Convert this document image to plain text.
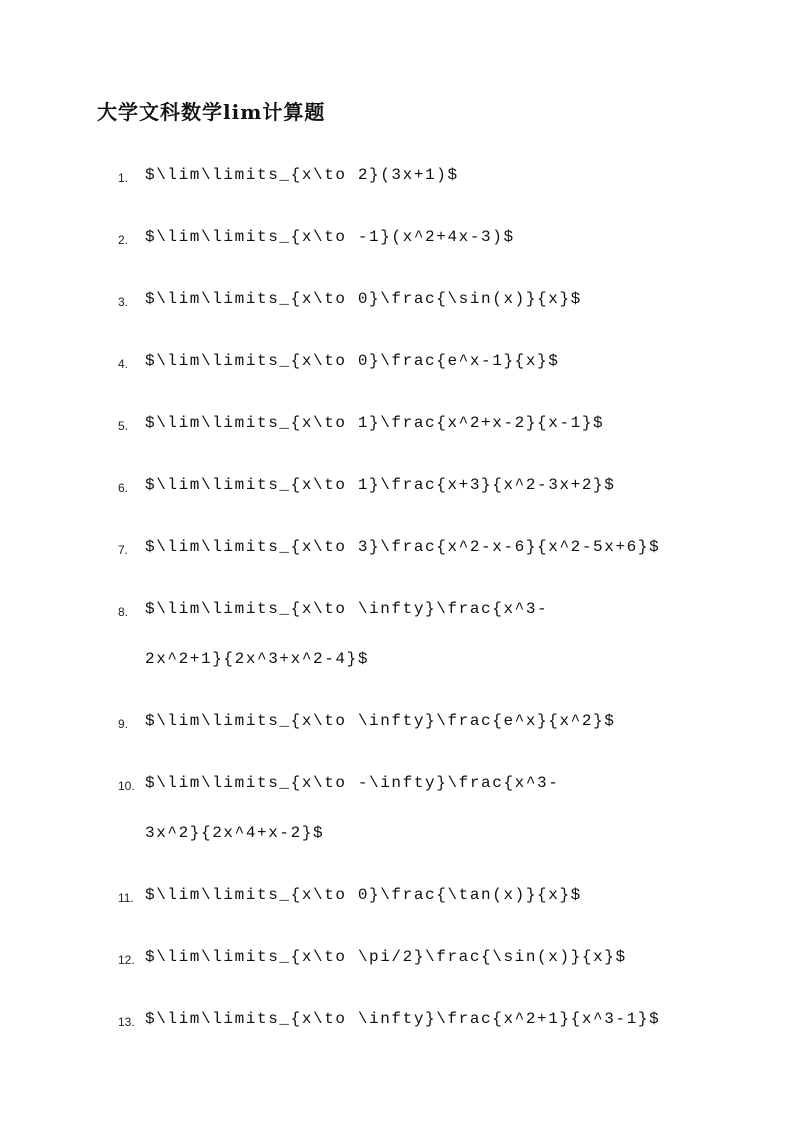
大学文科数学lim计算题
1. $\lim\limits_{x\to 2}(3x+1)$
2. $\lim\limits_{x\to -1}(x^2+4x-3)$
3. $\lim\limits_{x\to 0}\frac{\sin(x)}{x}$
4. $\lim\limits_{x\to 0}\frac{e^x-1}{x}$
5. $\lim\limits_{x\to 1}\frac{x^2+x-2}{x-1}$
6. $\lim\limits_{x\to 1}\frac{x+3}{x^2-3x+2}$
7. $\lim\limits_{x\to 3}\frac{x^2-x-6}{x^2-5x+6}$
8. $\lim\limits_{x\to \infty}\frac{x^3-
2x^2+1}{2x^3+x^2-4}$
9. $\lim\limits_{x\to \infty}\frac{e^x}{x^2}$
10. $\lim\limits_{x\to -\infty}\frac{x^3-
3x^2}{2x^4+x-2}$
11. $\lim\limits_{x\to 0}\frac{\tan(x)}{x}$
12. $\lim\limits_{x\to \pi/2}\frac{\sin(x)}{x}$
13. $\lim\limits_{x\to \infty}\frac{x^2+1}{x^3-1}$
